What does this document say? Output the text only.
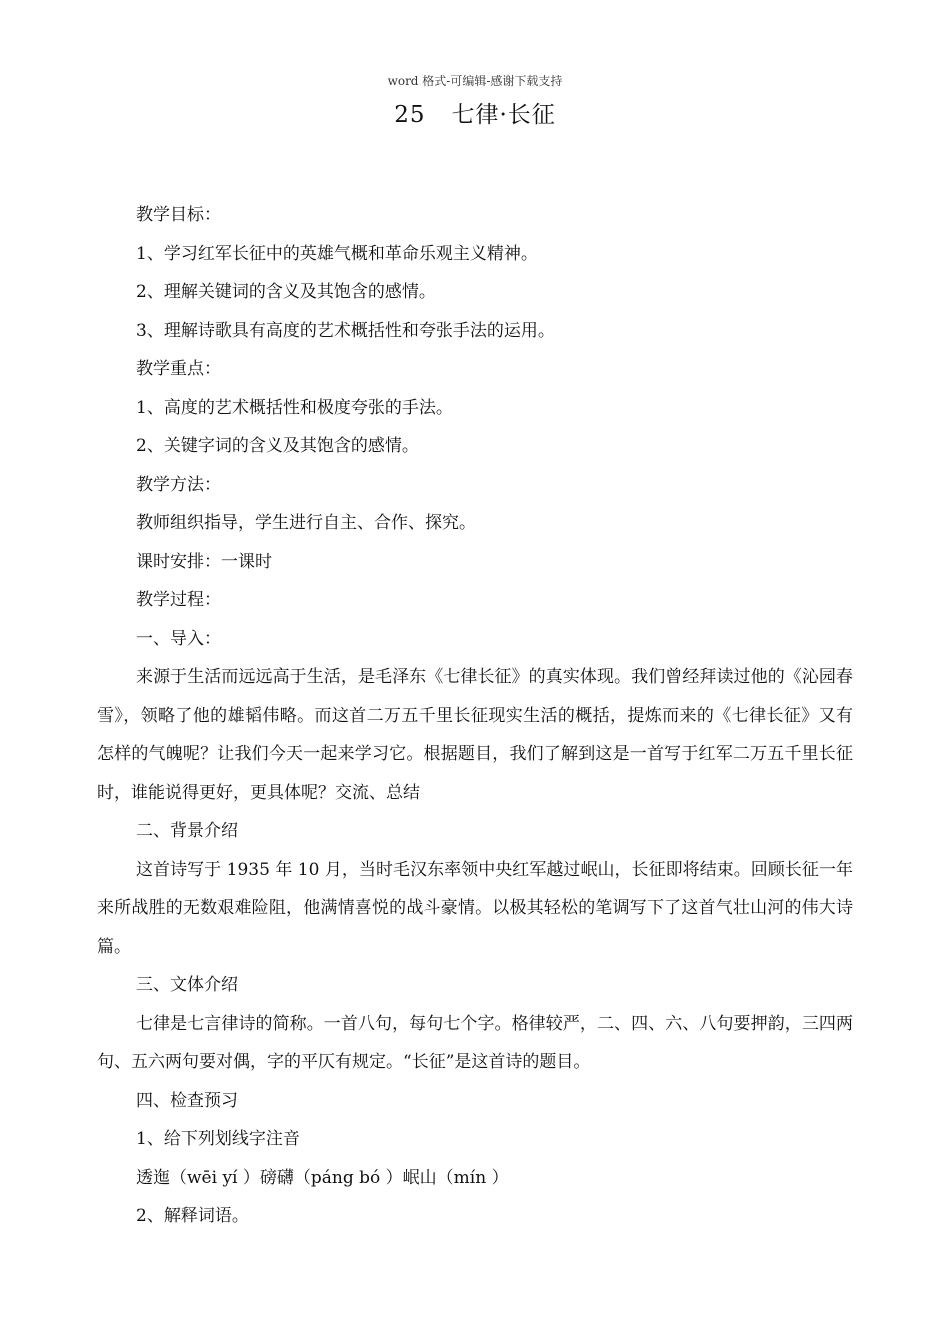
word 格式-可编辑-感谢下载支持
25 七律·长征

教学目标：

1、学习红军长征中的英雄气概和革命乐观主义精神。

2、理解关键词的含义及其饱含的感情。

3、理解诗歌具有高度的艺术概括性和夸张手法的运用。

教学重点：

1、高度的艺术概括性和极度夸张的手法。

2、关键字词的含义及其饱含的感情。

教学方法：

教师组织指导，学生进行自主、合作、探究。

课时安排：一课时

教学过程：

一、导入：

来源于生活而远远高于生活，是毛泽东《七律长征》的真实体现。我们曾经拜读过他的《沁园春雪》，领略了他的雄韬伟略。而这首二万五千里长征现实生活的概括，提炼而来的《七律长征》又有怎样的气魄呢？让我们今天一起来学习它。根据题目，我们了解到这是一首写于红军二万五千里长征时，谁能说得更好，更具体呢？交流、总结

二、背景介绍

这首诗写于 1935 年 10 月，当时毛汉东率领中央红军越过岷山，长征即将结束。回顾长征一年来所战胜的无数艰难险阻，他满情喜悦的战斗豪情。以极其轻松的笔调写下了这首气壮山河的伟大诗篇。

三、文体介绍

七律是七言律诗的简称。一首八句，每句七个字。格律较严，二、四、六、八句要押韵，三四两句、五六两句要对偶，字的平仄有规定。“长征”是这首诗的题目。

四、检查预习

1、给下列划线字注音

透迤（wēi yí ）磅礴（páng bó ）岷山（mín ）

2、解释词语。
